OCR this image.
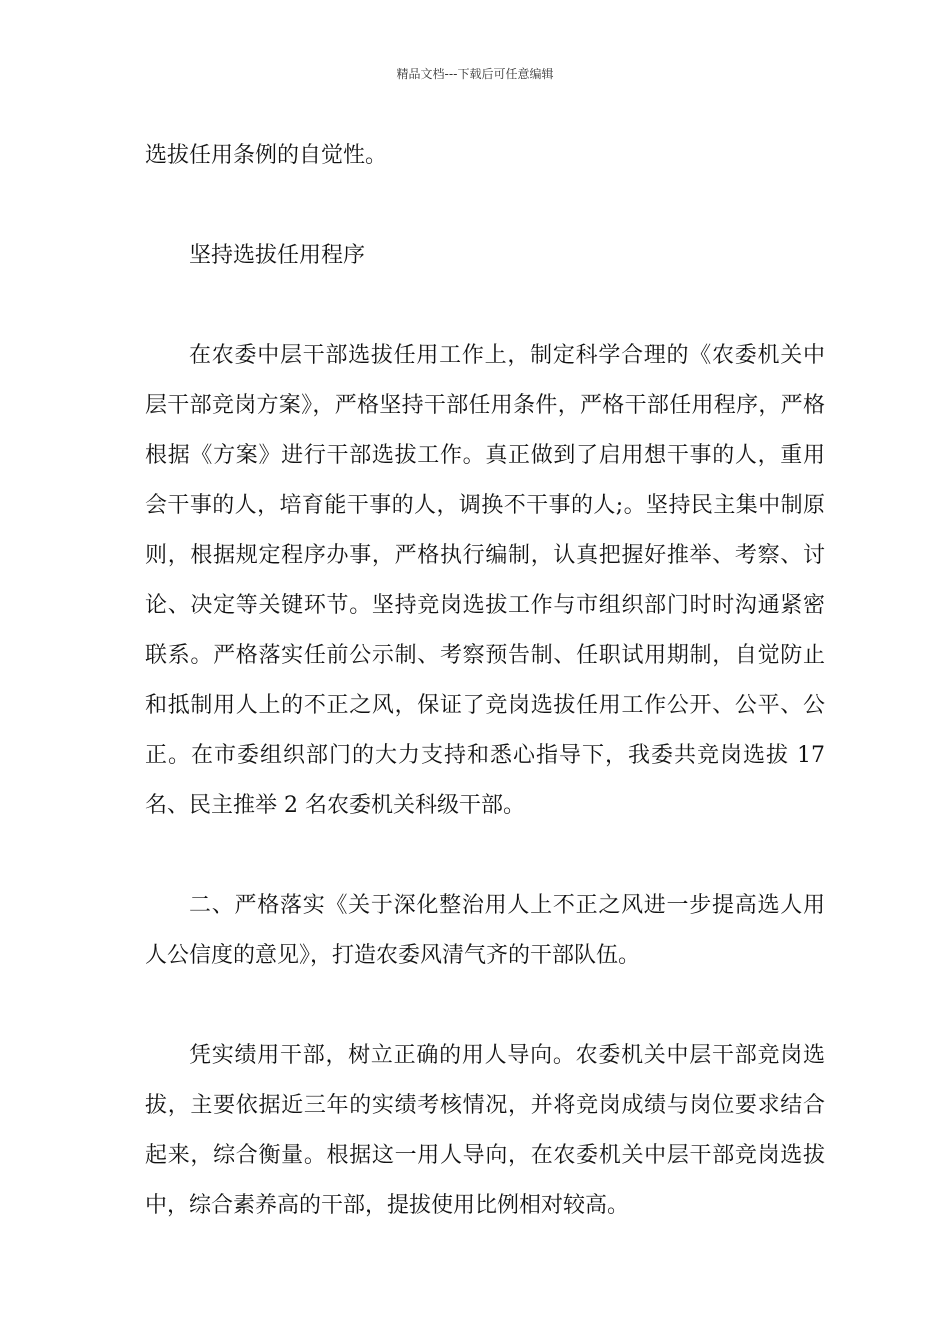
精品文档---下载后可任意编辑

选拔任用条例的自觉性。

坚持选拔任用程序

在农委中层干部选拔任用工作上，制定科学合理的《农委机关中层干部竞岗方案》，严格坚持干部任用条件，严格干部任用程序，严格根据《方案》进行干部选拔工作。真正做到了启用想干事的人，重用会干事的人，培育能干事的人，调换不干事的人;。坚持民主集中制原则，根据规定程序办事，严格执行编制，认真把握好推举、考察、讨论、决定等关键环节。坚持竞岗选拔工作与市组织部门时时沟通紧密联系。严格落实任前公示制、考察预告制、任职试用期制，自觉防止和抵制用人上的不正之风，保证了竞岗选拔任用工作公开、公平、公正。在市委组织部门的大力支持和悉心指导下，我委共竞岗选拔 17 名、民主推举 2 名农委机关科级干部。

二、严格落实《关于深化整治用人上不正之风进一步提高选人用人公信度的意见》，打造农委风清气齐的干部队伍。

凭实绩用干部，树立正确的用人导向。农委机关中层干部竞岗选拔，主要依据近三年的实绩考核情况，并将竞岗成绩与岗位要求结合起来，综合衡量。根据这一用人导向，在农委机关中层干部竞岗选拔中，综合素养高的干部，提拔使用比例相对较高。
